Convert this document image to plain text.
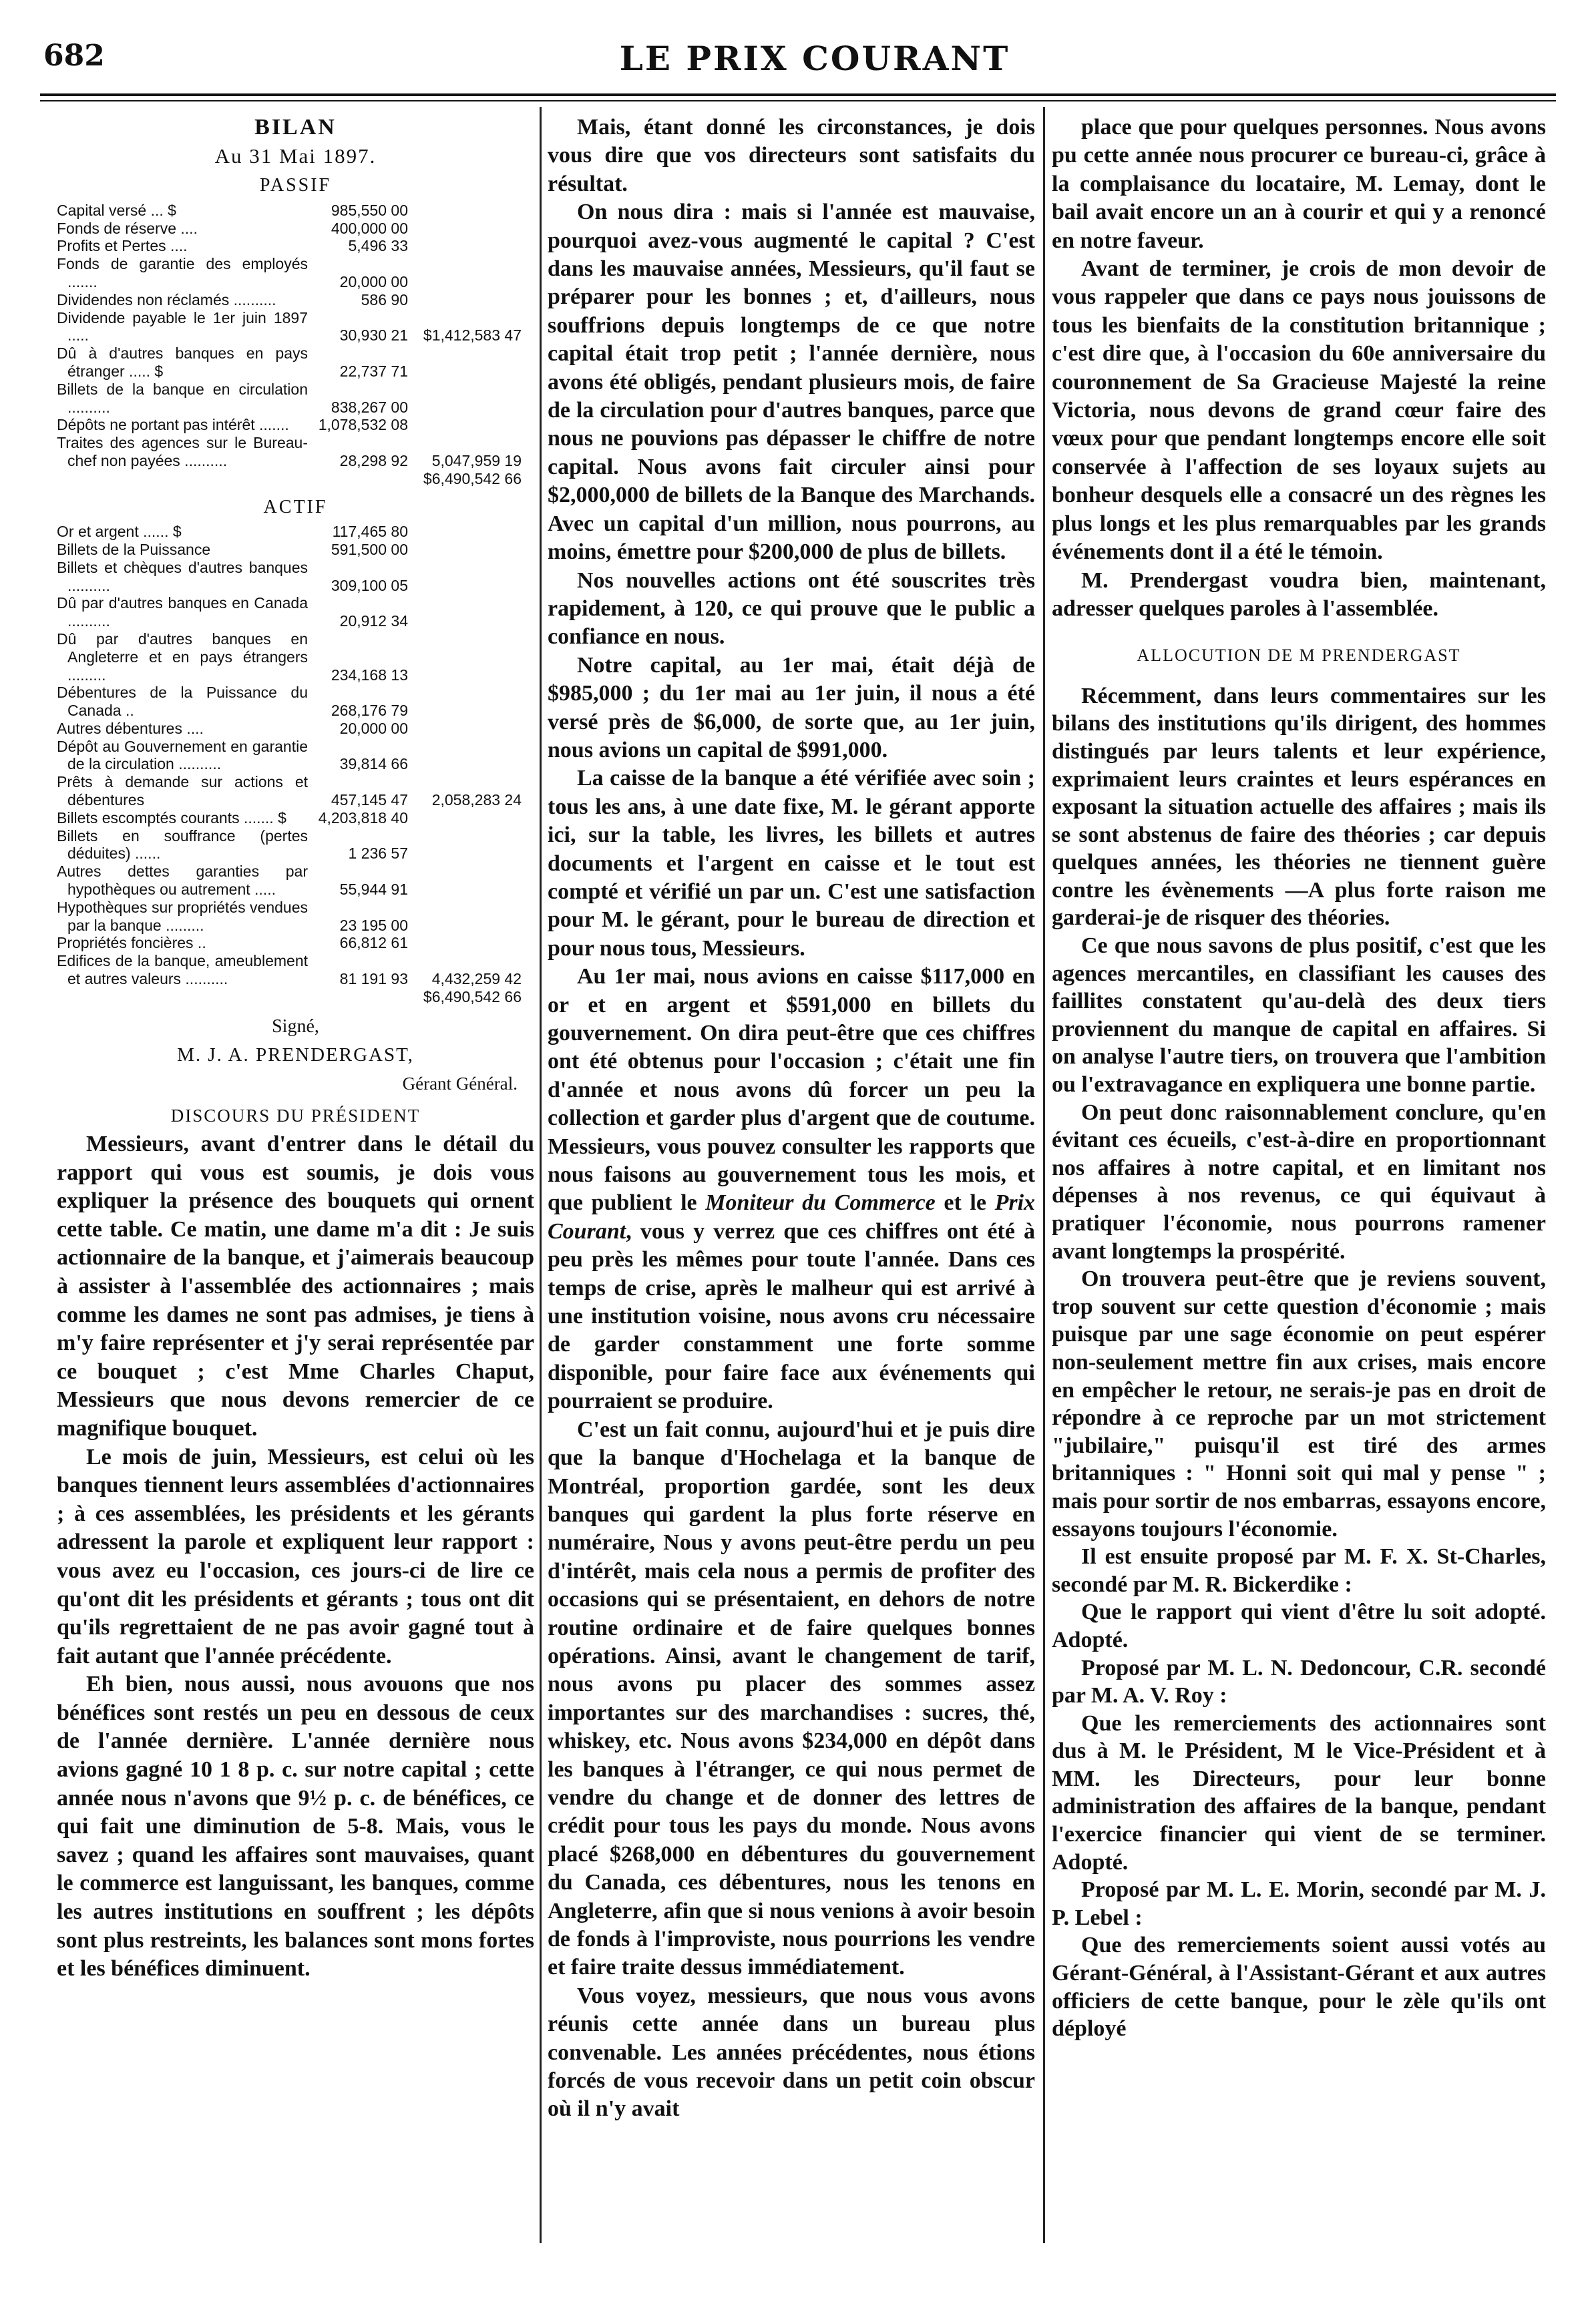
682	LE PRIX COURANT
BILAN
Au 31 Mai 1897.
PASSIF
Capital versé ... $	985,550 00
Fonds de réserve ....	400,000 00
Profits et Pertes ....	5,496 33
Fonds de garantie des employés .......	20,000 00
Dividendes non réclamés ..........	586 90
Dividende payable le 1er juin 1897 .....	30,930 21 $1,412,583 47
Dû à d'autres banques en pays étranger ..... $	22,737 71
Billets de la banque en circulation ..........	838,267 00
Dépôts ne portant pas intérêt .......	1,078,532 08
Traites des agences sur le Bureau-chef non payées ..........	28,298 92	5,047,959 19
$6,490,542 66
ACTIF
Or et argent ...... $	117,465 80
Billets de la Puissance	591,500 00
Billets et chèques d'autres banques ..........	309,100 05
Dû par d'autres banques en Canada ..........	20,912 34
Dû par d'autres banques en Angleterre et en pays étrangers .........	234,168 13
Débentures de la Puissance du Canada ..	268,176 79
Autres débentures ....	20,000 00
Dépôt au Gouvernement en garantie de la circulation ..........	39,814 66
Prêts à demande sur actions et débentures	457,145 47	2,058,283 24
Billets escomptés courants ....... $	4,203,818 40
Billets en souffrance (pertes déduites) ......	1 236 57
Autres dettes garanties par hypothèques ou autrement .....	55,944 91
Hypothèques sur propriétés vendues par la banque .........	23 195 00
Propriétés foncières ..	66,812 61
Edifices de la banque, ameublement et autres valeurs ..........	81 191 93	4,432,259 42
$6,490,542 66
Signé,
M. J. A. PRENDERGAST,
Gérant Général.
DISCOURS DU PRÉSIDENT

Messieurs, avant d'entrer dans le détail du rapport qui vous est soumis, je dois vous expliquer la présence des bouquets qui ornent cette table. Ce matin, une dame m'a dit : Je suis actionnaire de la banque, et j'aimerais beaucoup à assister à l'assemblée des actionnaires ; mais comme les dames ne sont pas admises, je tiens à m'y faire représenter et j'y serai représentée par ce bouquet ; c'est Mme Charles Chaput, Messieurs que nous devons remercier de ce magnifique bouquet.

Le mois de juin, Messieurs, est celui où les banques tiennent leurs assemblées d'actionnaires ; à ces assemblées, les présidents et les gérants adressent la parole et expliquent leur rapport : vous avez eu l'occasion, ces jours-ci de lire ce qu'ont dit les présidents et gérants ; tous ont dit qu'ils regrettaient de ne pas avoir gagné tout à fait autant que l'année précédente.

Eh bien, nous aussi, nous avouons que nos bénéfices sont restés un peu en dessous de ceux de l'année dernière. L'année dernière nous avions gagné 10 1 8 p. c. sur notre capital ; cette année nous n'avons que 9½ p. c. de bénéfices, ce qui fait une diminution de 5-8. Mais, vous le savez ; quand les affaires sont mauvaises, quant le commerce est languissant, les banques, comme les autres institutions en souffrent ; les dépôts sont plus restreints, les balances sont mons fortes et les bénéfices diminuent.

Mais, étant donné les circonstances, je dois vous dire que vos directeurs sont satisfaits du résultat.

On nous dira : mais si l'année est mauvaise, pourquoi avez-vous augmenté le capital ? C'est dans les mauvaise années, Messieurs, qu'il faut se préparer pour les bonnes ; et, d'ailleurs, nous souffrions depuis longtemps de ce que notre capital était trop petit ; l'année dernière, nous avons été obligés, pendant plusieurs mois, de faire de la circulation pour d'autres banques, parce que nous ne pouvions pas dépasser le chiffre de notre capital. Nous avons fait circuler ainsi pour $2,000,000 de billets de la Banque des Marchands. Avec un capital d'un million, nous pourrons, au moins, émettre pour $200,000 de plus de billets.

Nos nouvelles actions ont été souscrites très rapidement, à 120, ce qui prouve que le public a confiance en nous.

Notre capital, au 1er mai, était déjà de $985,000 ; du 1er mai au 1er juin, il nous a été versé près de $6,000, de sorte que, au 1er juin, nous avions un capital de $991,000.

La caisse de la banque a été vérifiée avec soin ; tous les ans, à une date fixe, M. le gérant apporte ici, sur la table, les livres, les billets et autres documents et l'argent en caisse et le tout est compté et vérifié un par un. C'est une satisfaction pour M. le gérant, pour le bureau de direction et pour nous tous, Messieurs.

Au 1er mai, nous avions en caisse $117,000 en or et en argent et $591,000 en billets du gouvernement. On dira peut-être que ces chiffres ont été obtenus pour l'occasion ; c'était une fin d'année et nous avons dû forcer un peu la collection et garder plus d'argent que de coutume. Messieurs, vous pouvez consulter les rapports que nous faisons au gouvernement tous les mois, et que publient le Moniteur du Commerce et le Prix Courant, vous y verrez que ces chiffres ont été à peu près les mêmes pour toute l'année. Dans ces temps de crise, après le malheur qui est arrivé à une institution voisine, nous avons cru nécessaire de garder constamment une forte somme disponible, pour faire face aux événements qui pourraient se produire.

C'est un fait connu, aujourd'hui et je puis dire que la banque d'Hochelaga et la banque de Montréal, proportion gardée, sont les deux banques qui gardent la plus forte réserve en numéraire, Nous y avons peut-être perdu un peu d'intérêt, mais cela nous a permis de profiter des occasions qui se présentaient, en dehors de notre routine ordinaire et de faire quelques bonnes opérations. Ainsi, avant le changement de tarif, nous avons pu placer des sommes assez importantes sur des marchandises : sucres, thé, whiskey, etc. Nous avons $234,000 en dépôt dans les banques à l'étranger, ce qui nous permet de vendre du change et de donner des lettres de crédit pour tous les pays du monde. Nous avons placé $268,000 en débentures du gouvernement du Canada, ces débentures, nous les tenons en Angleterre, afin que si nous venions à avoir besoin de fonds à l'improviste, nous pourrions les vendre et faire traite dessus immédiatement.

Vous voyez, messieurs, que nous vous avons réunis cette année dans un bureau plus convenable. Les années précédentes, nous étions forcés de vous recevoir dans un petit coin obscur où il n'y avait

place que pour quelques personnes. Nous avons pu cette année nous procurer ce bureau-ci, grâce à la complaisance du locataire, M. Lemay, dont le bail avait encore un an à courir et qui y a renoncé en notre faveur.

Avant de terminer, je crois de mon devoir de vous rappeler que dans ce pays nous jouissons de tous les bienfaits de la constitution britannique ; c'est dire que, à l'occasion du 60e anniversaire du couronnement de Sa Gracieuse Majesté la reine Victoria, nous devons de grand cœur faire des vœux pour que pendant longtemps encore elle soit conservée à l'affection de ses loyaux sujets au bonheur desquels elle a consacré un des règnes les plus longs et les plus remarquables par les grands événements dont il a été le témoin.

M. Prendergast voudra bien, maintenant, adresser quelques paroles à l'assemblée.

ALLOCUTION DE M PRENDERGAST

Récemment, dans leurs commentaires sur les bilans des institutions qu'ils dirigent, des hommes distingués par leurs talents et leur expérience, exprimaient leurs craintes et leurs espérances en exposant la situation actuelle des affaires ; mais ils se sont abstenus de faire des théories ; car depuis quelques années, les théories ne tiennent guère contre les évènements —A plus forte raison me garderai-je de risquer des théories.

Ce que nous savons de plus positif, c'est que les agences mercantiles, en classifiant les causes des faillites constatent qu'au-delà des deux tiers proviennent du manque de capital en affaires. Si on analyse l'autre tiers, on trouvera que l'ambition ou l'extravagance en expliquera une bonne partie.

On peut donc raisonnablement conclure, qu'en évitant ces écueils, c'est-à-dire en proportionnant nos affaires à notre capital, et en limitant nos dépenses à nos revenus, ce qui équivaut à pratiquer l'économie, nous pourrons ramener avant longtemps la prospérité.

On trouvera peut-être que je reviens souvent, trop souvent sur cette question d'économie ; mais puisque par une sage économie on peut espérer non-seulement mettre fin aux crises, mais encore en empêcher le retour, ne serais-je pas en droit de répondre à ce reproche par un mot strictement "jubilaire," puisqu'il est tiré des armes britanniques : " Honni soit qui mal y pense " ; mais pour sortir de nos embarras, essayons encore, essayons toujours l'économie.

Il est ensuite proposé par M. F. X. St-Charles, secondé par M. R. Bickerdike :

Que le rapport qui vient d'être lu soit adopté. Adopté.

Proposé par M. L. N. Dedoncour, C.R. secondé par M. A. V. Roy :

Que les remerciements des actionnaires sont dus à M. le Président, M le Vice-Président et à MM. les Directeurs, pour leur bonne administration des affaires de la banque, pendant l'exercice financier qui vient de se terminer. Adopté.

Proposé par M. L. E. Morin, secondé par M. J. P. Lebel :

Que des remerciements soient aussi votés au Gérant-Général, à l'Assistant-Gérant et aux autres officiers de cette banque, pour le zèle qu'ils ont déployé
